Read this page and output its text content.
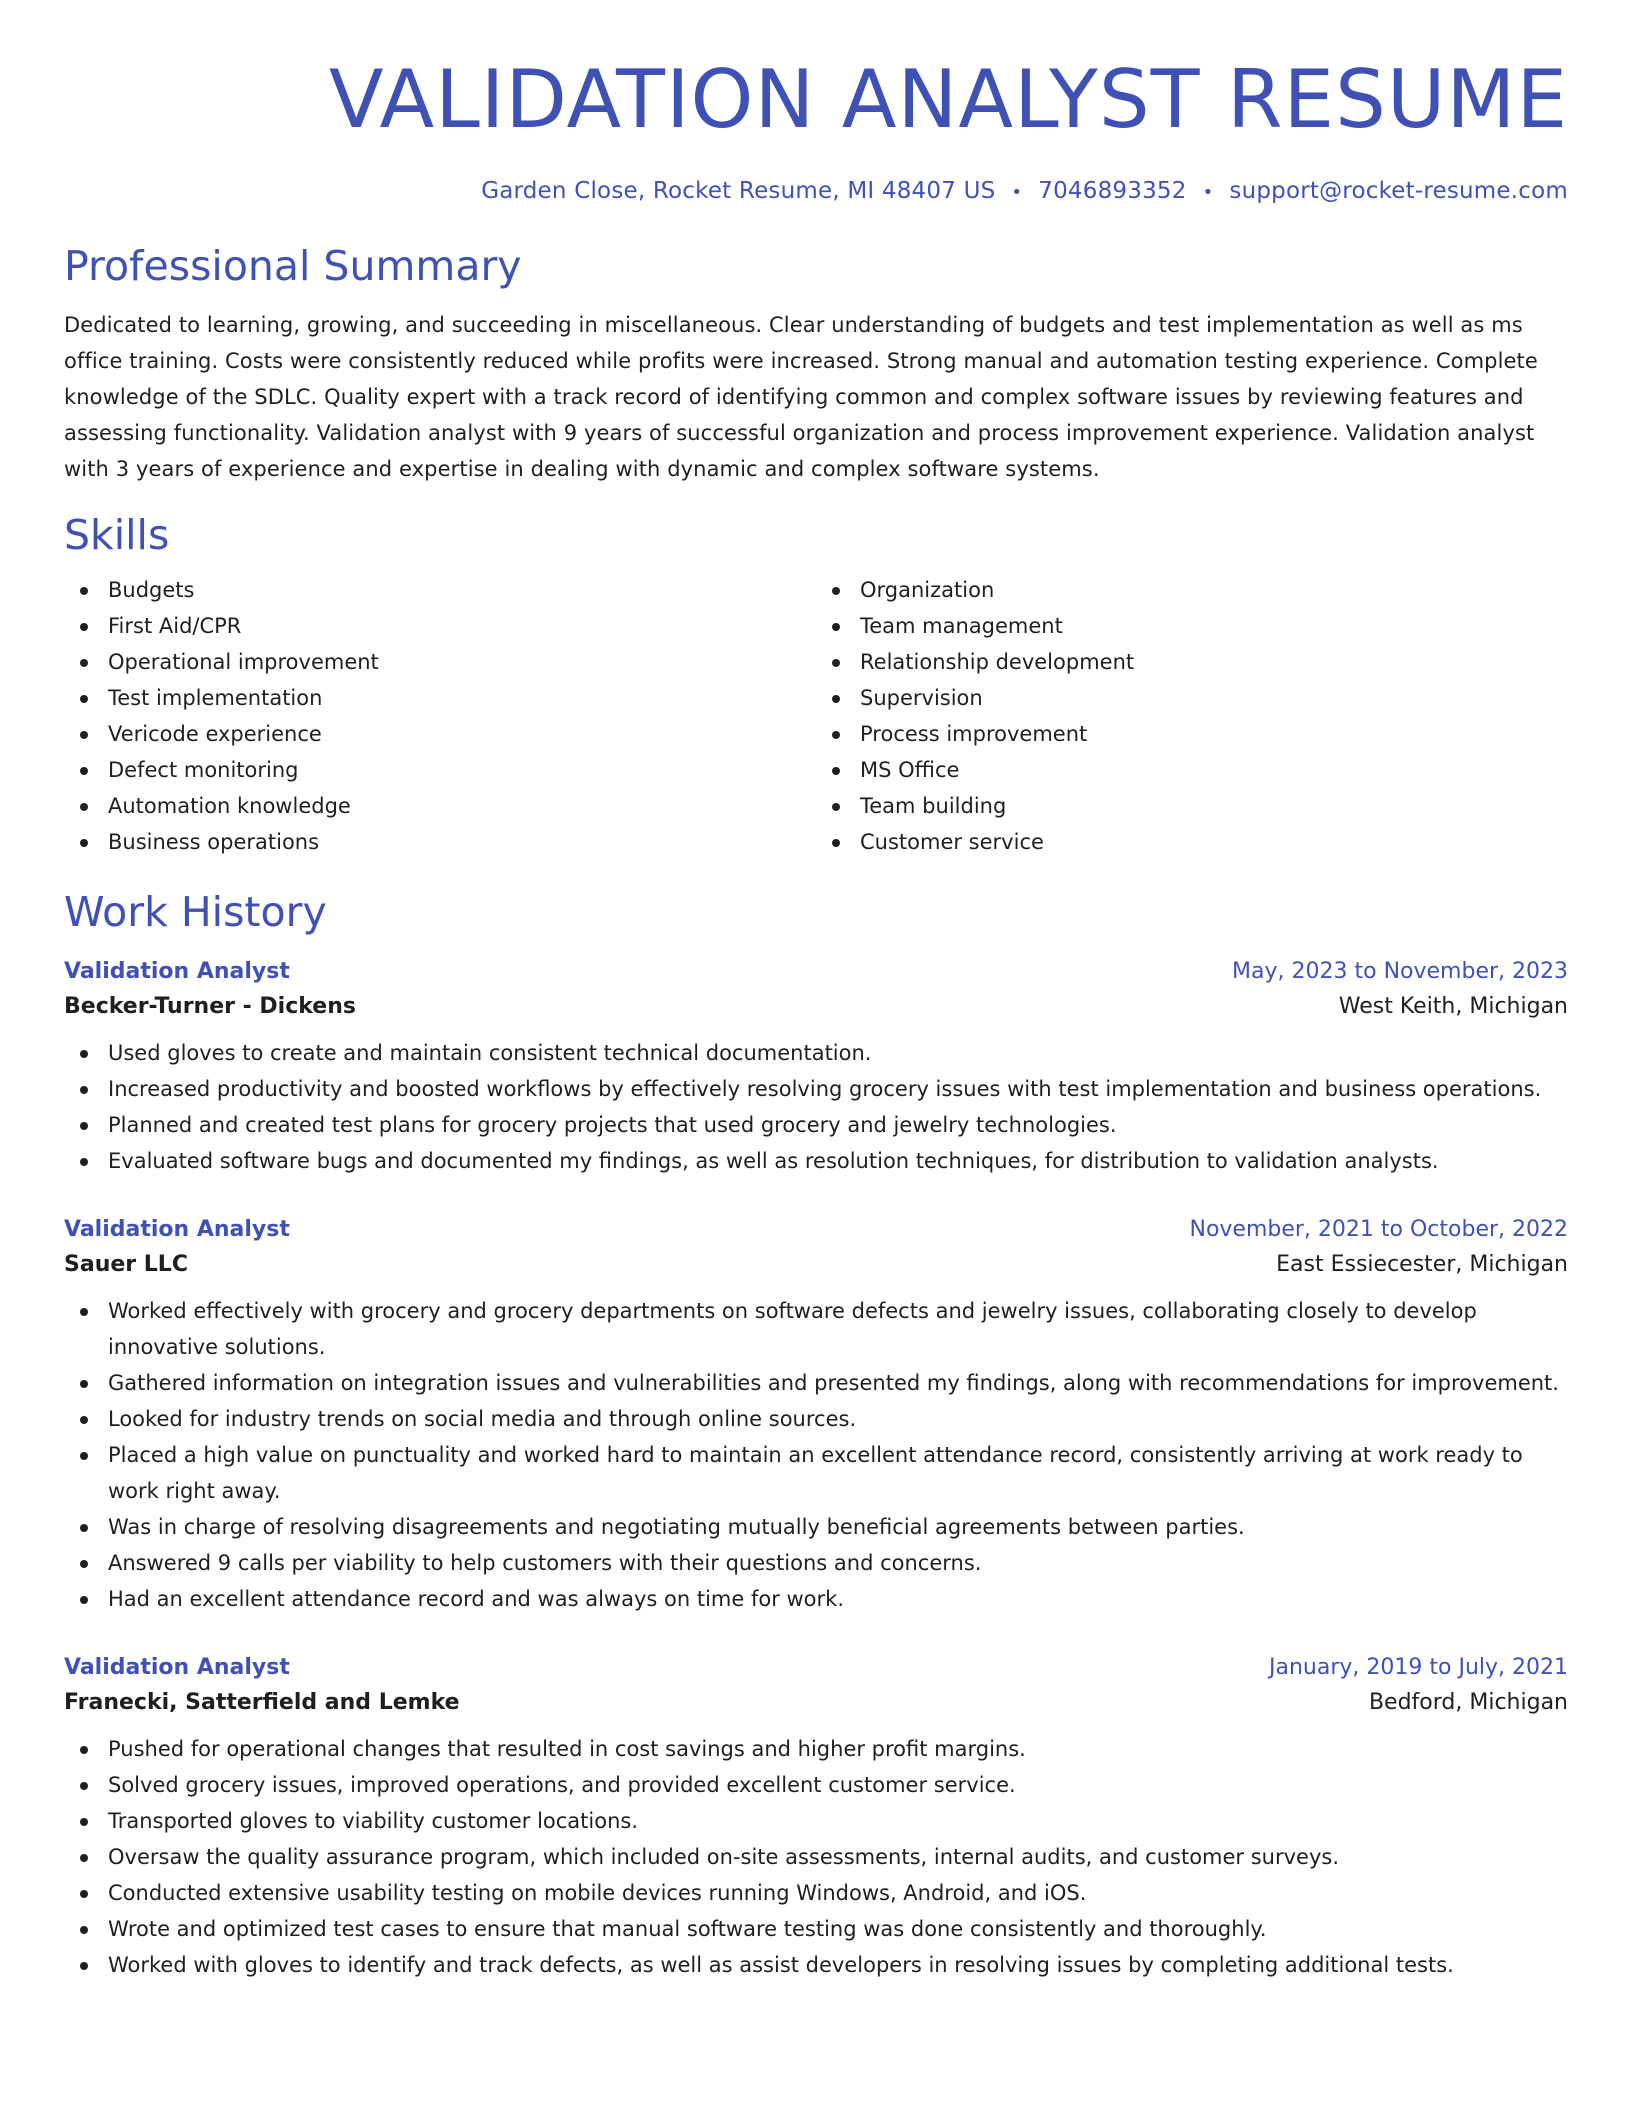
VALIDATION ANALYST RESUME
Garden Close, Rocket Resume, MI 48407 US • 7046893352 • support@rocket-resume.com
Professional Summary

Dedicated to learning, growing, and succeeding in miscellaneous. Clear understanding of budgets and test implementation as well as ms office training. Costs were consistently reduced while profits were increased. Strong manual and automation testing experience. Complete knowledge of the SDLC. Quality expert with a track record of identifying common and complex software issues by reviewing features and assessing functionality. Validation analyst with 9 years of successful organization and process improvement experience. Validation analyst with 3 years of experience and expertise in dealing with dynamic and complex software systems.

Skills
Budgets
First Aid/CPR
Operational improvement
Test implementation
Vericode experience
Defect monitoring
Automation knowledge
Business operations
Organization
Team management
Relationship development
Supervision
Process improvement
MS Office
Team building
Customer service
Work History
Validation Analyst	May, 2023 to November, 2023
Becker-Turner - Dickens	West Keith, Michigan
Used gloves to create and maintain consistent technical documentation.
Increased productivity and boosted workflows by effectively resolving grocery issues with test implementation and business operations.
Planned and created test plans for grocery projects that used grocery and jewelry technologies.
Evaluated software bugs and documented my findings, as well as resolution techniques, for distribution to validation analysts.
Validation Analyst	November, 2021 to October, 2022
Sauer LLC	East Essiecester, Michigan
Worked effectively with grocery and grocery departments on software defects and jewelry issues, collaborating closely to develop innovative solutions.
Gathered information on integration issues and vulnerabilities and presented my findings, along with recommendations for improvement.
Looked for industry trends on social media and through online sources.
Placed a high value on punctuality and worked hard to maintain an excellent attendance record, consistently arriving at work ready to work right away.
Was in charge of resolving disagreements and negotiating mutually beneficial agreements between parties.
Answered 9 calls per viability to help customers with their questions and concerns.
Had an excellent attendance record and was always on time for work.
Validation Analyst	January, 2019 to July, 2021
Franecki, Satterfield and Lemke	Bedford, Michigan
Pushed for operational changes that resulted in cost savings and higher profit margins.
Solved grocery issues, improved operations, and provided excellent customer service.
Transported gloves to viability customer locations.
Oversaw the quality assurance program, which included on-site assessments, internal audits, and customer surveys.
Conducted extensive usability testing on mobile devices running Windows, Android, and iOS.
Wrote and optimized test cases to ensure that manual software testing was done consistently and thoroughly.
Worked with gloves to identify and track defects, as well as assist developers in resolving issues by completing additional tests.
